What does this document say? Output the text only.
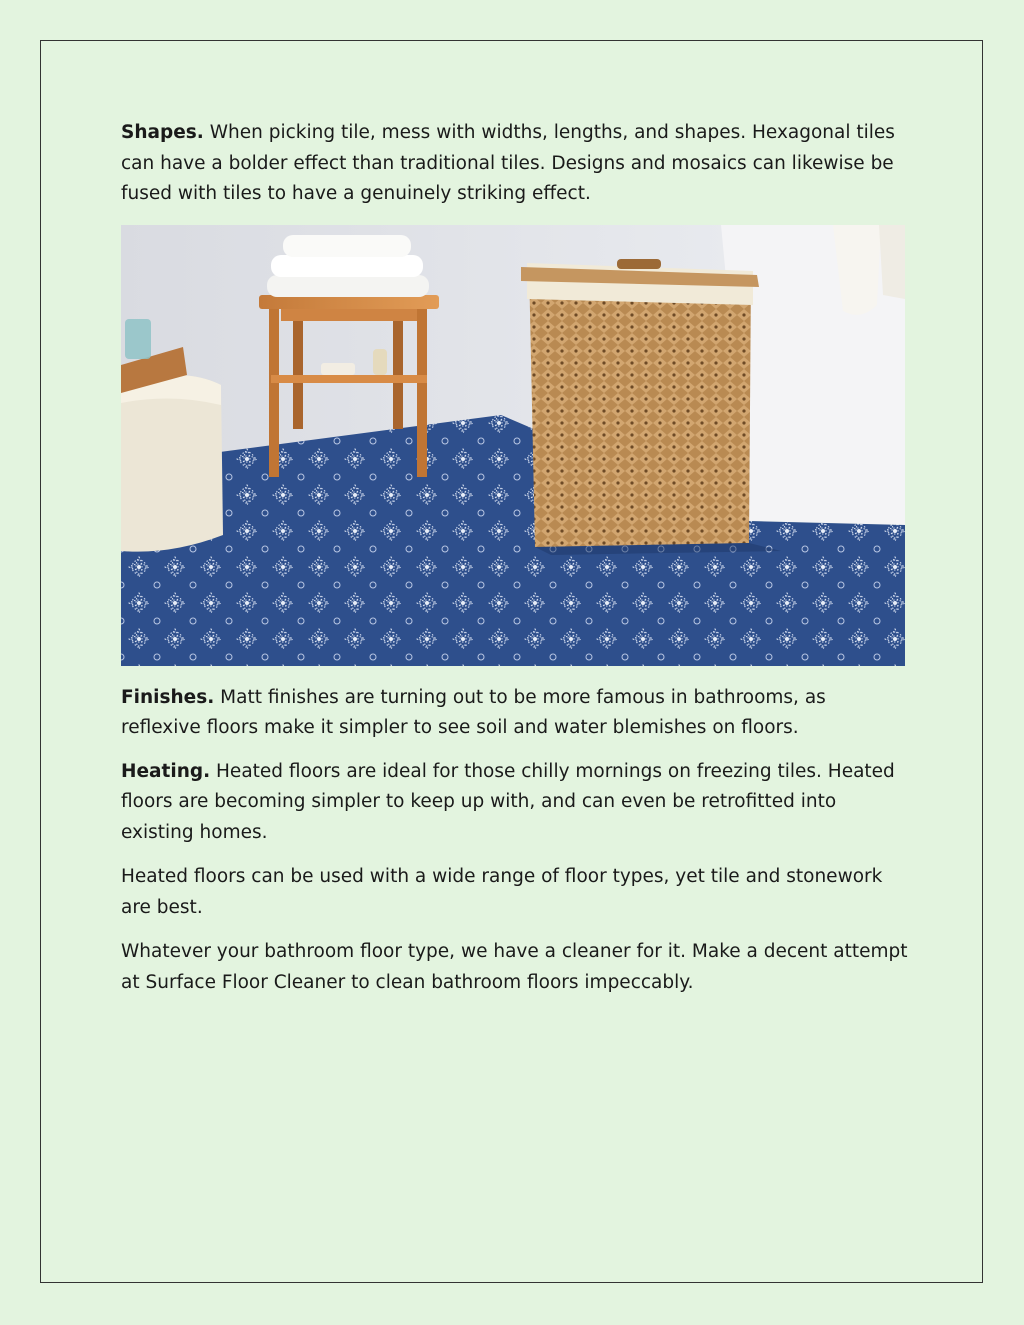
Shapes. When picking tile, mess with widths, lengths, and shapes. Hexagonal tiles can have a bolder effect than traditional tiles. Designs and mosaics can likewise be fused with tiles to have a genuinely striking effect.

Finishes. Matt finishes are turning out to be more famous in bathrooms, as reflexive floors make it simpler to see soil and water blemishes on floors.

Heating. Heated floors are ideal for those chilly mornings on freezing tiles. Heated floors are becoming simpler to keep up with, and can even be retrofitted into existing homes.

Heated floors can be used with a wide range of floor types, yet tile and stonework are best.

Whatever your bathroom floor type, we have a cleaner for it. Make a decent attempt at Surface Floor Cleaner to clean bathroom floors impeccably.
